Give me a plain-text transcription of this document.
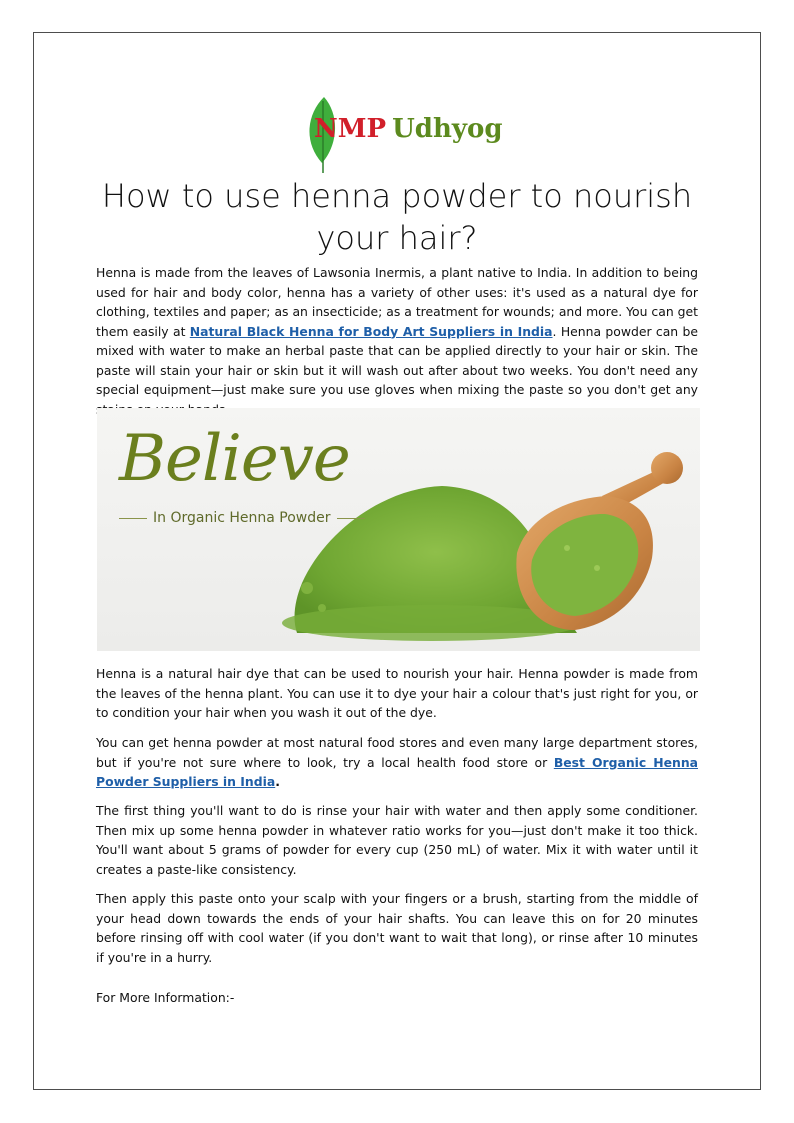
NMP Udhyog
How to use henna powder to nourish your hair?

Henna is made from the leaves of Lawsonia Inermis, a plant native to India. In addition to being used for hair and body color, henna has a variety of other uses: it's used as a natural dye for clothing, textiles and paper; as an insecticide; as a treatment for wounds; and more. You can get them easily at Natural Black Henna for Body Art Suppliers in India. Henna powder can be mixed with water to make an herbal paste that can be applied directly to your hair or skin. The paste will stain your hair or skin but it will wash out after about two weeks. You don't need any special equipment—just make sure you use gloves when mixing the paste so you don't get any

Believe
In Organic Henna Powder

Henna is a natural hair dye that can be used to nourish your hair. Henna powder is made from the leaves of the henna plant. You can use it to dye your hair a colour that's just right for you, or to condition your hair when you wash it out of the dye.

You can get henna powder at most natural food stores and even many large department stores, but if you're not sure where to look, try a local health food store or Best Organic Henna Powder Suppliers in India.

The first thing you'll want to do is rinse your hair with water and then apply some conditioner. Then mix up some henna powder in whatever ratio works for you—just don't make it too thick. You'll want about 5 grams of powder for every cup (250 mL) of water. Mix it with water until it creates a paste-like consistency.

Then apply this paste onto your scalp with your fingers or a brush, starting from the middle of your head down towards the ends of your hair shafts. You can leave this on for 20 minutes before rinsing off with cool water (if you don't want to wait that long), or rinse after 10 minutes if you're in a hurry.

For More Information:-
